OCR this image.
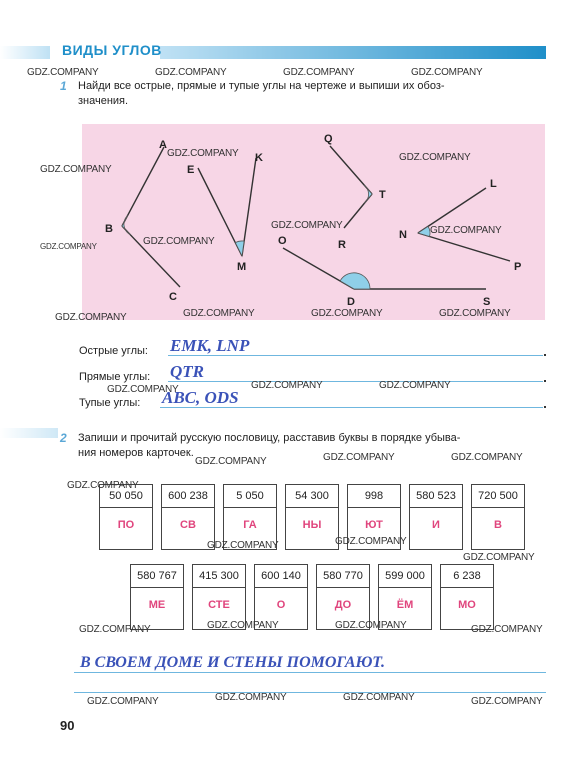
ВИДЫ УГЛОВ
1 Найди все острые, прямые и тупые углы на чертеже и выпиши их обоз-
значения.
A
B
C
E
K
M
Q
T
R
L
N
P
O
D	S
Острые углы: EMK, LNP
Прямые углы: QTR
Тупые углы: ABC, ODS
2 Запиши и прочитай русскую пословицу, расставив буквы в порядке убыва-
ния номеров карточек.
50 050
ПО
600 238
СВ
5 050
ГА
54 300
НЫ
998
ЮТ
580 523
И
720 500
В
580 767
МЕ
415 300
СТЕ
600 140
О
580 770
ДО
599 000
ЁМ
6 238
МО
В СВОЕМ ДОМЕ И СТЕНЫ ПОМОГАЮТ.
90
GDZ.COMPANY	GDZ.COMPANY	GDZ.COMPANY	GDZ.COMPANY
GDZ.COMPANY
GDZ.COMPANY
GDZ.COMPANY
GDZ.COMPANY
GDZ.COMPANY
GDZ.COMPANY
GDZ.COMPANY
GDZ.COMPANY	GDZ.COMPANY	GDZ.COMPANY
GDZ.COMPANY
GDZ.COMPANY	GDZ.COMPANY
GDZ.COMPANY
GDZ.COMPANY	GDZ.COMPANY	GDZ.COMPANY
GDZ.COMPANY
GDZ.COMPANY	GDZ.COMPANY
GDZ.COMPANY
GDZ.COMPANY	GDZ.COMPANY	GDZ.COMPANY
GDZ.COMPANY
GDZ.COMPANY	GDZ.COMPANY	GDZ.COMPANY	GDZ.COMPANY
